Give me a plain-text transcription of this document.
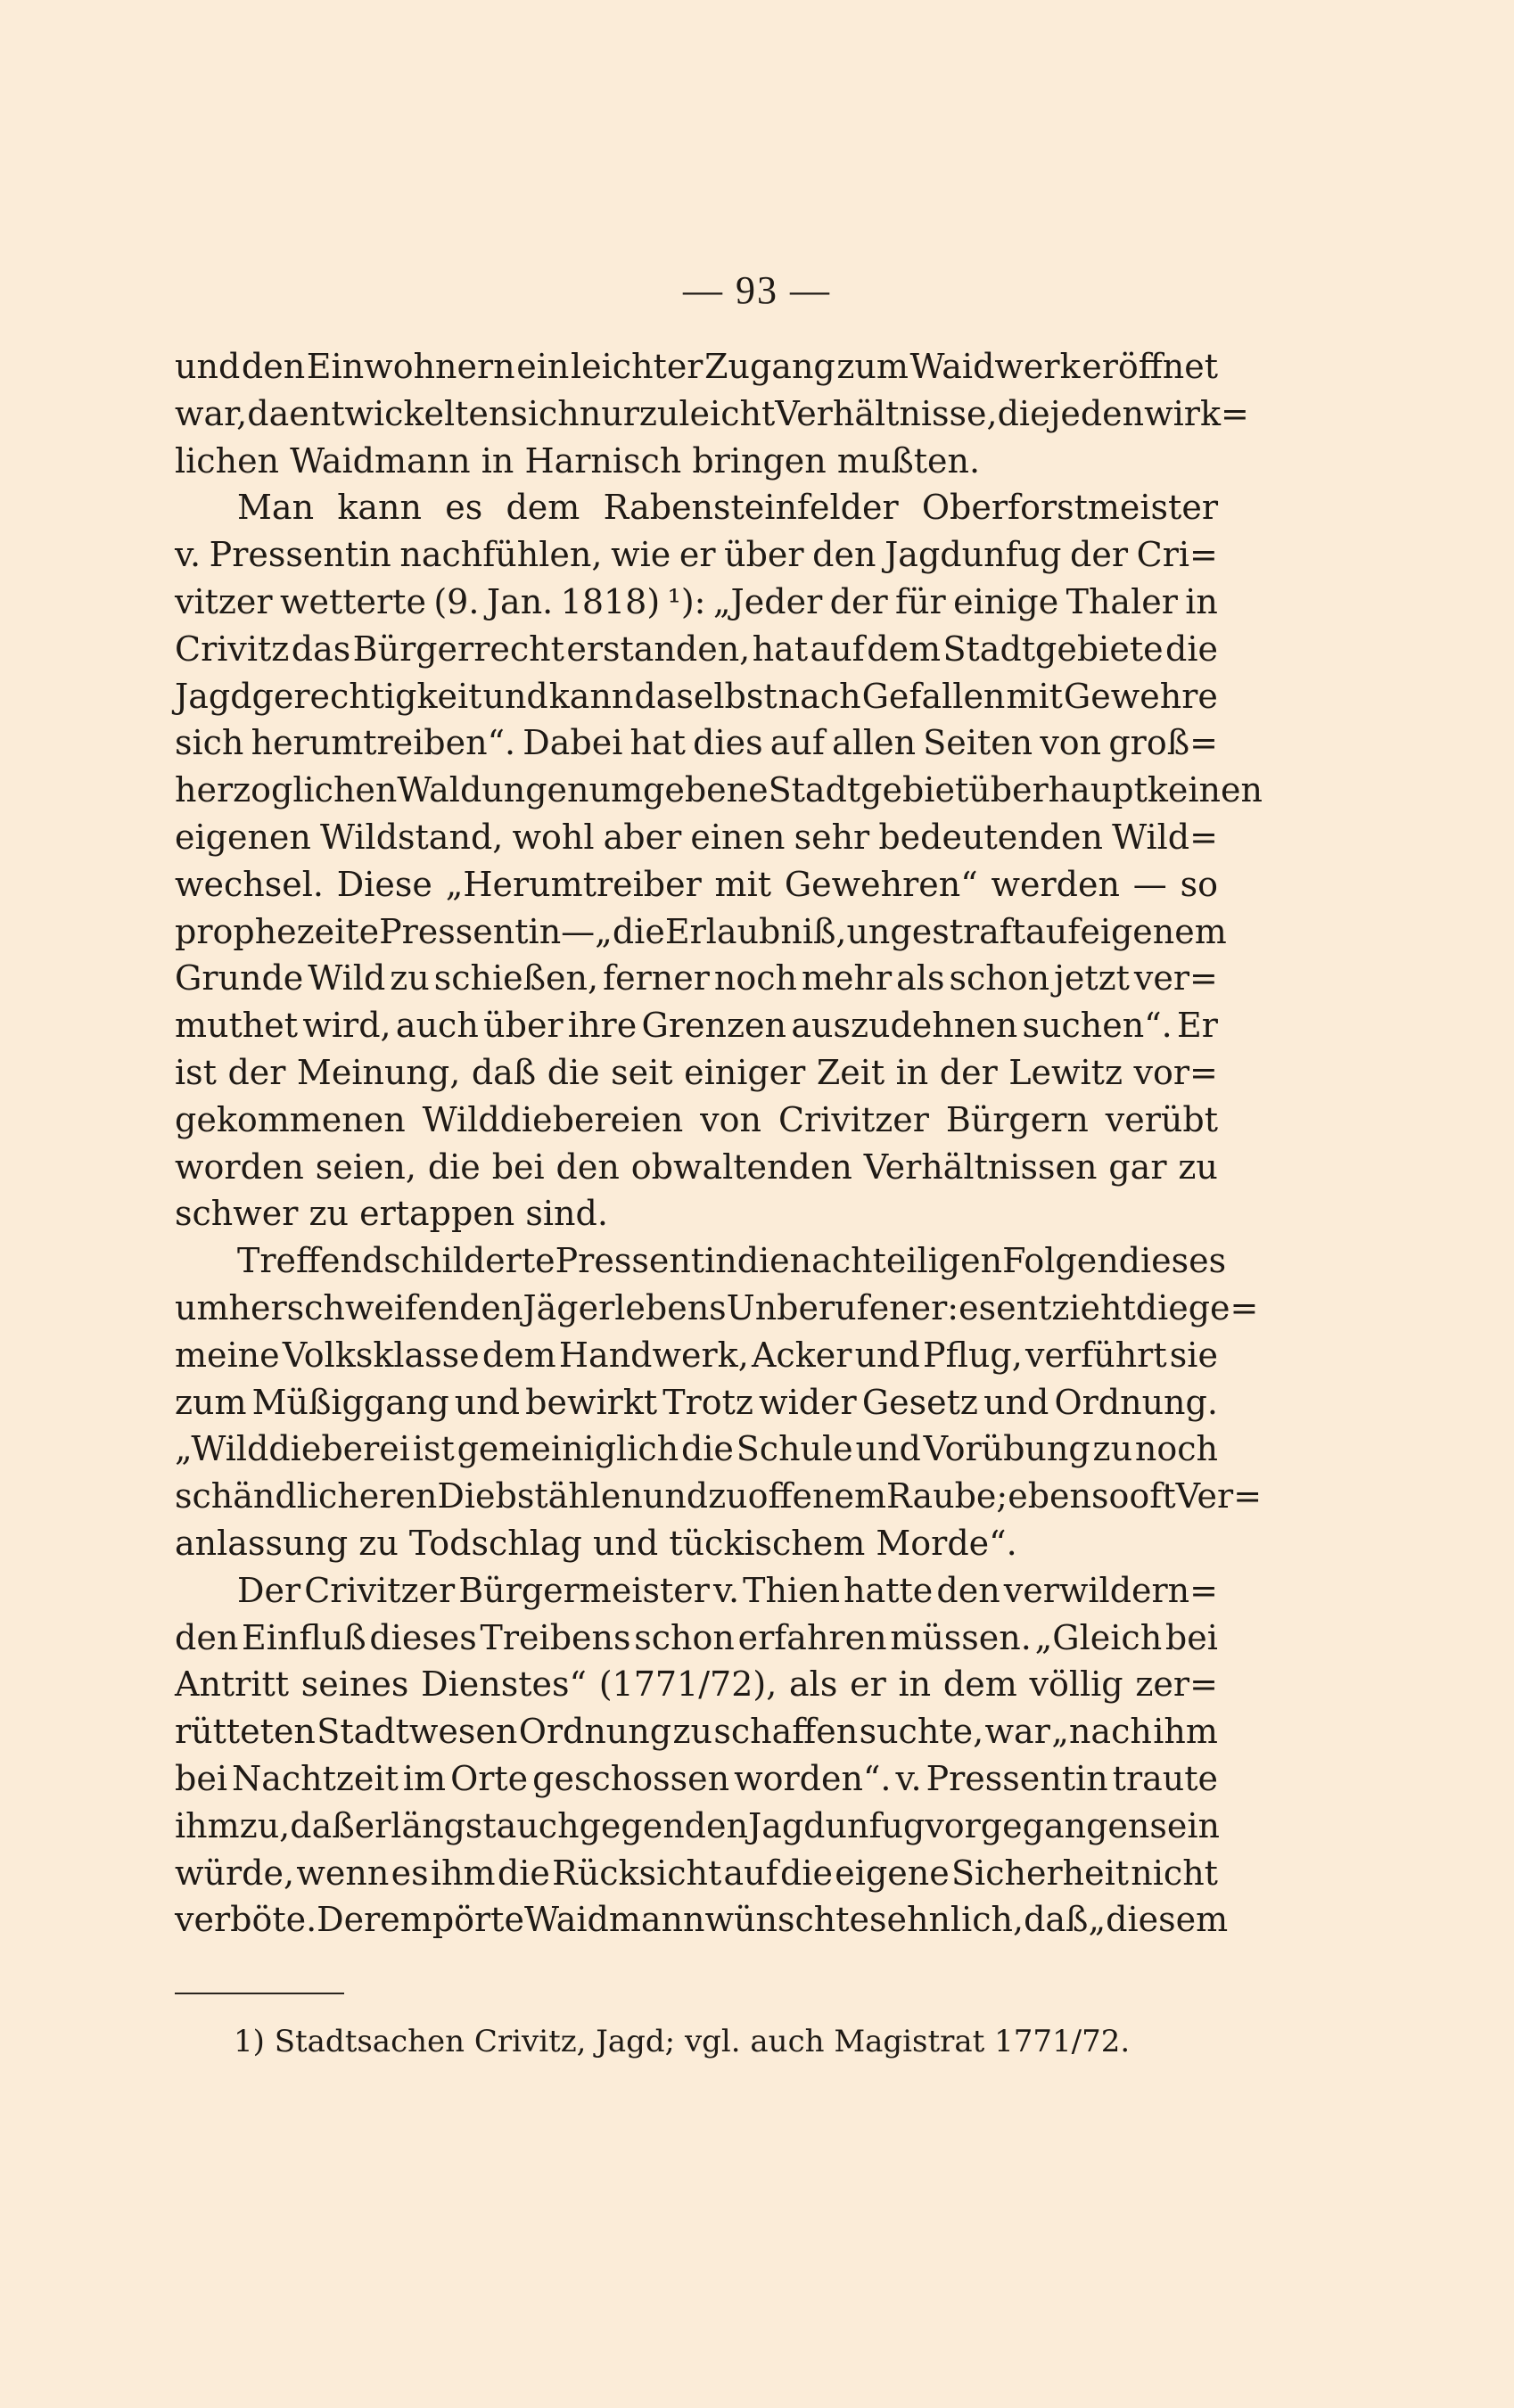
— 93 —
und den Einwohnern ein leichter Zugang zum Waidwerk eröffnet
war, da entwickelten sich nur zu leicht Verhältnisse, die jeden wirk=
lichen Waidmann in Harnisch bringen mußten.
Man kann es dem Rabensteinfelder Oberforstmeister
v. Pressentin nachfühlen, wie er über den Jagdunfug der Cri=
vitzer wetterte (9. Jan. 1818) ¹): „Jeder der für einige Thaler in
Crivitz das Bürgerrecht erstanden, hat auf dem Stadtgebiete die
Jagdgerechtigkeit und kann daselbst nach Gefallen mit Gewehre
sich herumtreiben“. Dabei hat dies auf allen Seiten von groß=
herzoglichen Waldungen umgebene Stadtgebiet überhaupt keinen
eigenen Wildstand, wohl aber einen sehr bedeutenden Wild=
wechsel. Diese „Herumtreiber mit Gewehren“ werden — so
prophezeite Pressentin — „die Erlaubniß, ungestraft auf eigenem
Grunde Wild zu schießen, ferner noch mehr als schon jetzt ver=
muthet wird, auch über ihre Grenzen auszudehnen suchen“. Er
ist der Meinung, daß die seit einiger Zeit in der Lewitz vor=
gekommenen Wilddiebereien von Crivitzer Bürgern verübt
worden seien, die bei den obwaltenden Verhältnissen gar zu
schwer zu ertappen sind.
Treffend schilderte Pressentin die nachteiligen Folgen dieses
umherschweifenden Jägerlebens Unberufener: es entzieht die ge=
meine Volksklasse dem Handwerk, Acker und Pflug, verführt sie
zum Müßiggang und bewirkt Trotz wider Gesetz und Ordnung.
„Wilddieberei ist gemeiniglich die Schule und Vorübung zu noch
schändlicheren Diebstählen und zu offenem Raube; ebenso oft Ver=
anlassung zu Todschlag und tückischem Morde“.
Der Crivitzer Bürgermeister v. Thien hatte den verwildern=
den Einfluß dieses Treibens schon erfahren müssen. „Gleich bei
Antritt seines Dienstes“ (1771/72), als er in dem völlig zer=
rütteten Stadtwesen Ordnung zu schaffen suchte, war „nach ihm
bei Nachtzeit im Orte geschossen worden“. v. Pressentin traute
ihm zu, daß er längst auch gegen den Jagdunfug vorgegangen sein
würde, wenn es ihm die Rücksicht auf die eigene Sicherheit nicht
verböte. Der empörte Waidmann wünschte sehnlich, daß „diesem
1) Stadtsachen Crivitz, Jagd; vgl. auch Magistrat 1771/72.
